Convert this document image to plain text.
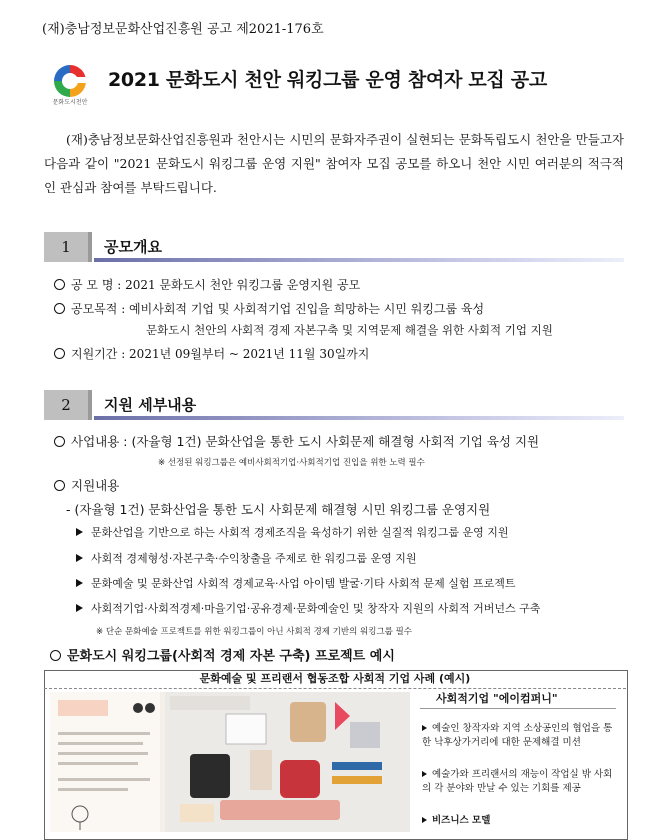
(재)충남정보문화산업진흥원 공고 제2021-176호
문화도시천안
2021 문화도시 천안 워킹그룹 운영 참여자 모집 공고
(재)충남정보문화산업진흥원과 천안시는 시민의 문화자주권이 실현되는 문화독립도시 천안을 만들고자 다음과 같이 "2021 문화도시 워킹그룹 운영 지원" 참여자 모집 공모를 하오니 천안 시민 여러분의 적극적인 관심과 참여를 부탁드립니다.
1	공모개요
공 모 명 : 2021 문화도시 천안 워킹그룹 운영지원 공모
공모목적 : 예비사회적 기업 및 사회적기업 진입을 희망하는 시민 워킹그룹 육성
문화도시 천안의 사회적 경제 자본구축 및 지역문제 해결을 위한 사회적 기업 지원
지원기간 : 2021년 09월부터 ~ 2021년 11월 30일까지
2	지원 세부내용
사업내용 : (자율형 1건) 문화산업을 통한 도시 사회문제 해결형 사회적 기업 육성 지원
※ 선정된 워킹그룹은 예비사회적기업·사회적기업 진입을 위한 노력 필수
지원내용
- (자율형 1건) 문화산업을 통한 도시 사회문제 해결형 시민 워킹그룹 운영지원
문화산업을 기반으로 하는 사회적 경제조직을 육성하기 위한 실질적 워킹그룹 운영 지원
사회적 경제형성·자본구축·수익창출을 주제로 한 워킹그룹 운영 지원
문화예술 및 문화산업 사회적 경제교육·사업 아이템 발굴·기타 사회적 문제 실험 프로젝트
사회적기업·사회적경제·마을기업·공유경제·문화예술인 및 창작자 지원의 사회적 거버넌스 구축
※ 단순 문화예술 프로젝트를 위한 워킹그룹이 아닌 사회적 경제 기반의 워킹그룹 필수
문화도시 워킹그룹(사회적 경제 자본 구축) 프로젝트 예시
문화예술 및 프리랜서 협동조합 사회적 기업 사례 (예시)
사회적기업 "에이컴퍼니"
예술인 창작자와 지역 소상공인의 협업을 통한 낙후상가거리에 대한 문제해결 미션
예술가와 프리랜서의 재능이 작업실 밖 사회의 각 분야와 만날 수 있는 기회를 제공
비즈니스 모델
